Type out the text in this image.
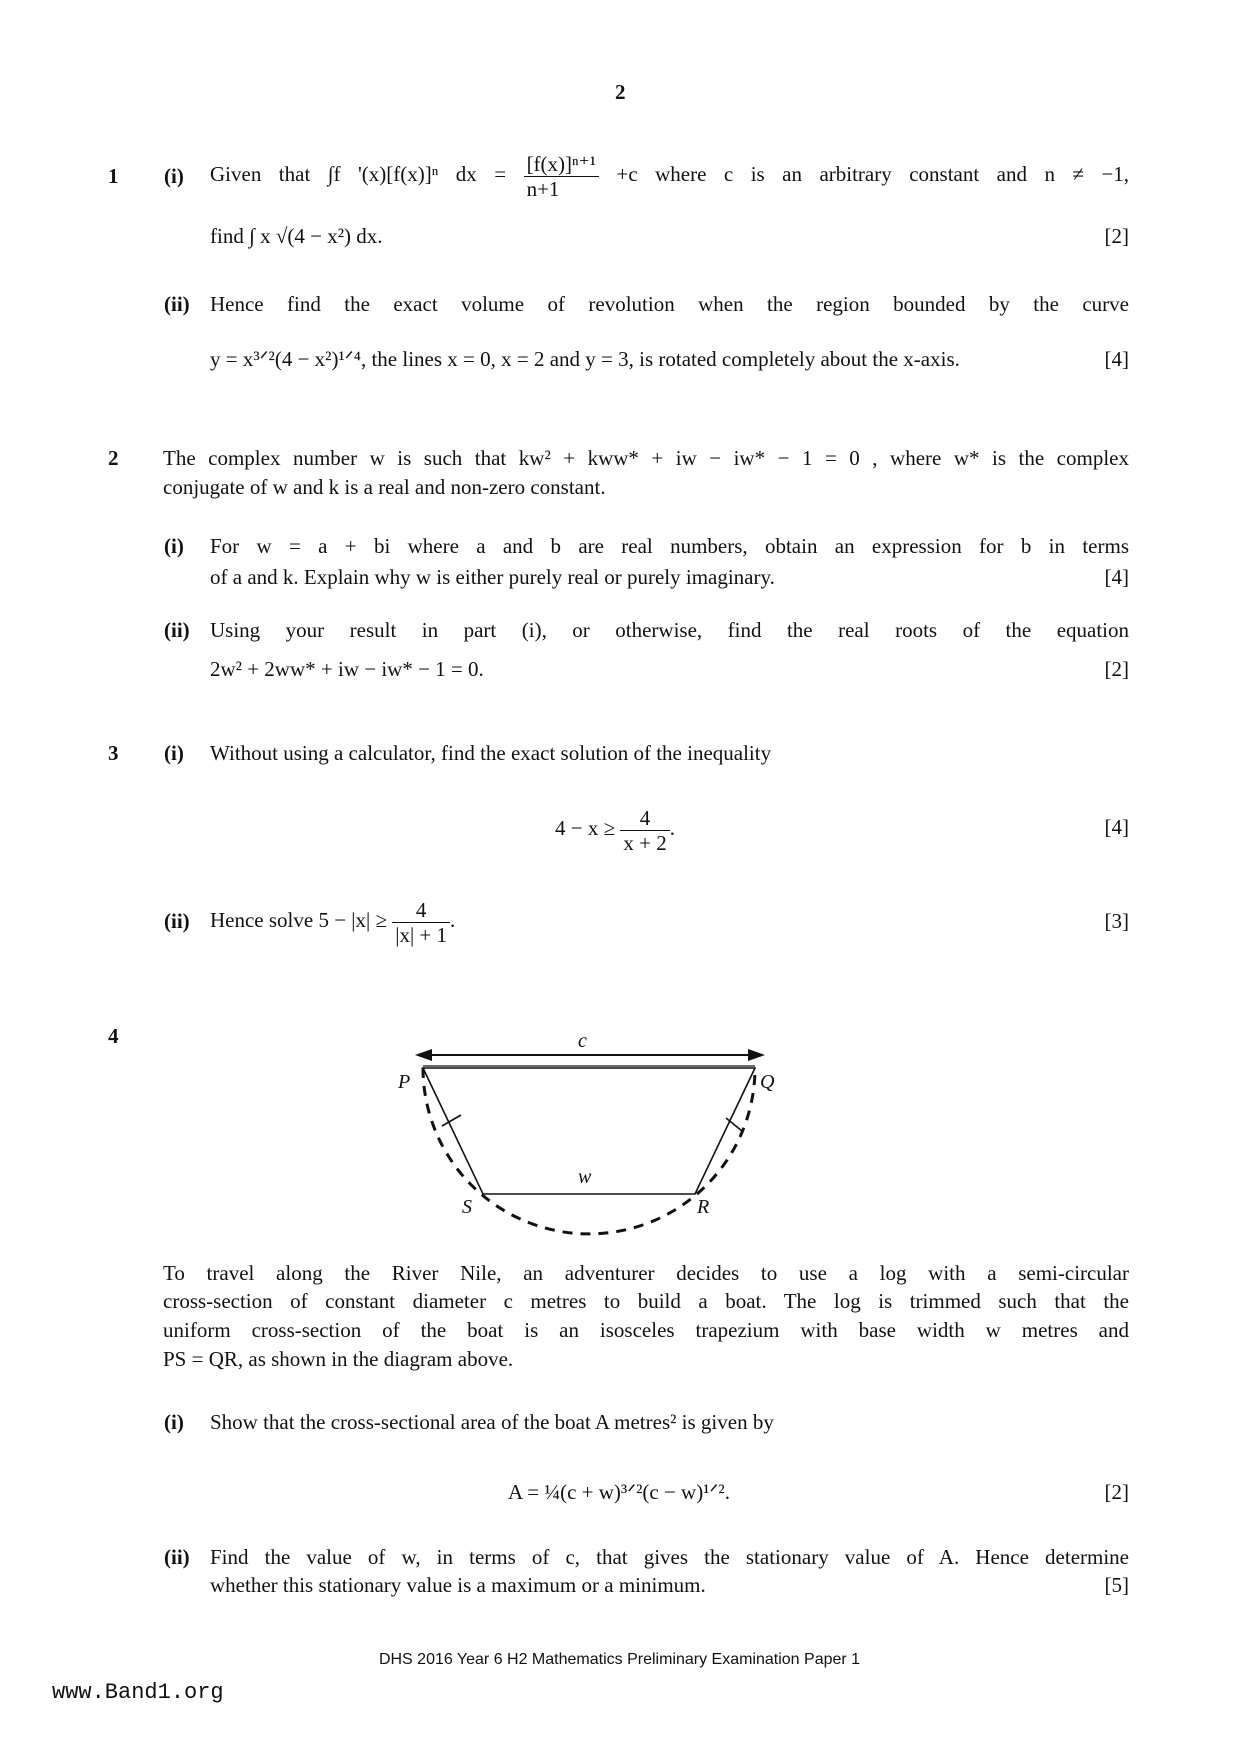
2
1 (i) Given that ∫f '(x)[f(x)]ⁿ dx = $\frac{\text{[f(x)]ⁿ⁺¹}}{n+1} +c$ where c is an arbitrary constant and n ≠ −1,
find ∫ x √(4 − x²) dx.	[2]
(ii) Hence find the exact volume of revolution when the region bounded by the curve
y = x³ᐟ²(4 − x²)¹ᐟ⁴, the lines x = 0, x = 2 and y = 3, is rotated completely about the x-axis.	[4]
2 The complex number w is such that kw² + kww* + iw − iw* − 1 = 0 , where w* is the complex
conjugate of w and k is a real and non-zero constant.
(i) For w = a + bi where a and b are real numbers, obtain an expression for b in terms
of a and k. Explain why w is either purely real or purely imaginary.	[4]
(ii) Using your result in part (i), or otherwise, find the real roots of the equation
2w² + 2ww* + iw − iw* − 1 = 0.	[2]
3 (i) Without using a calculator, find the exact solution of the inequality
$4 - x \ge \frac{4}{x + 2}$ .	[4]
(ii) Hence solve $5 - |x| \ge \frac{4}{|x| + 1}$ .	[3]
4	c
w
P	Q
S	R
To travel along the River Nile, an adventurer decides to use a log with a semi-circular
cross-section of constant diameter c metres to build a boat. The log is trimmed such that the
uniform cross-section of the boat is an isosceles trapezium with base width w metres and
PS = QR, as shown in the diagram above.
(i) Show that the cross-sectional area of the boat A metres² is given by
A = ¼(c + w)³ᐟ²(c − w)¹ᐟ².	[2]
(ii) Find the value of w, in terms of c, that gives the stationary value of A. Hence determine
whether this stationary value is a maximum or a minimum.	[5]
DHS 2016 Year 6 H2 Mathematics Preliminary Examination Paper 1
www.Band1.org
